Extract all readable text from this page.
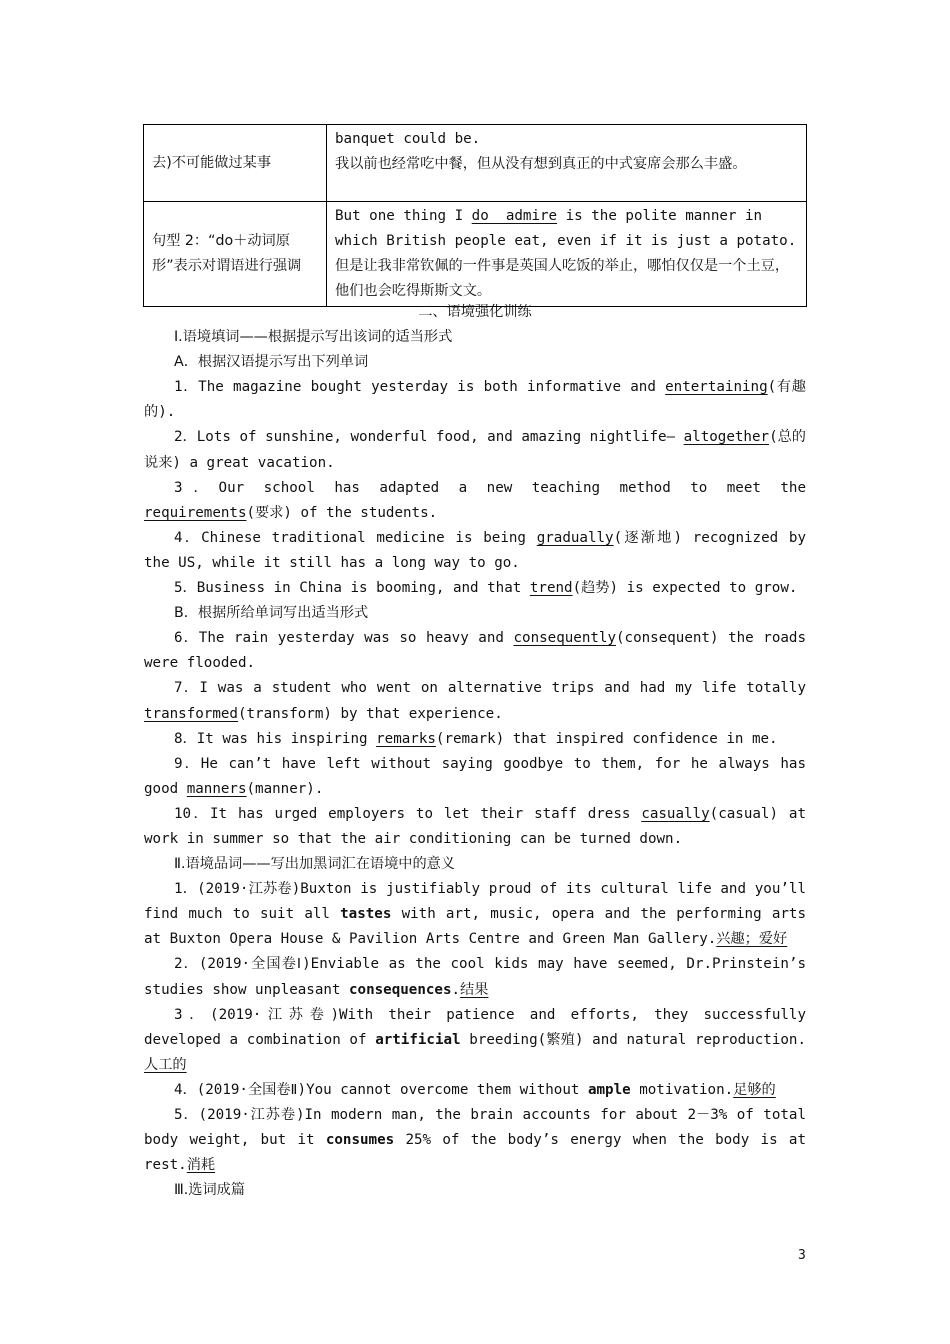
去)不可能做过某事	banquet could be.
我以前也经常吃中餐，但从没有想到真正的中式宴席会那么丰盛。

句型 2：“do＋动词原形”表示对谓语进行强调	But one thing I do  admire is the polite manner in which British people eat, even if it is just a potato.
但是让我非常钦佩的一件事是英国人吃饭的举止，哪怕仅仅是一个土豆，他们也会吃得斯斯文文。
二、语境强化训练
Ⅰ.语境填词——根据提示写出该词的适当形式
A．根据汉语提示写出下列单词
1．The magazine bought yesterday is both informative and entertaining(有趣的).
2．Lots of sunshine, wonderful food, and amazing nightlife— altogether(总的说来) a great vacation.
3．Our school has adapted a new teaching method to meet the requirements(要求) of the students.
4．Chinese traditional medicine is being gradually(逐渐地) recognized by the US, while it still has a long way to go.
5．Business in China is booming, and that trend(趋势) is expected to grow.
B．根据所给单词写出适当形式
6．The rain yesterday was so heavy and consequently(consequent) the roads were flooded.
7．I was a student who went on alternative trips and had my life totally transformed(transform) by that experience.
8．It was his inspiring remarks(remark) that inspired confidence in me.
9．He can’t have left without saying goodbye to them, for he always has good manners(manner).
10．It has urged employers to let their staff dress casually(casual) at work in summer so that the air conditioning can be turned down.
Ⅱ.语境品词——写出加黑词汇在语境中的意义
1．(2019·江苏卷)Buxton is justifiably proud of its cultural life and you’ll find much to suit all tastes with art, music, opera and the performing arts at Buxton Opera House & Pavilion Arts Centre and Green Man Gallery.兴趣；爱好
2．(2019·全国卷Ⅰ)Enviable as the cool kids may have seemed, Dr.Prinstein’s studies show unpleasant consequences.结果
3．(2019·江苏卷)With their patience and efforts, they successfully developed a combination of artificial breeding(繁殖) and natural reproduction.人工的
4．(2019·全国卷Ⅱ)You cannot overcome them without ample motivation.足够的
5．(2019·江苏卷)In modern man, the brain accounts for about 2－3% of total body weight, but it consumes 25% of the body’s energy when the body is at rest.消耗
Ⅲ.选词成篇
3
